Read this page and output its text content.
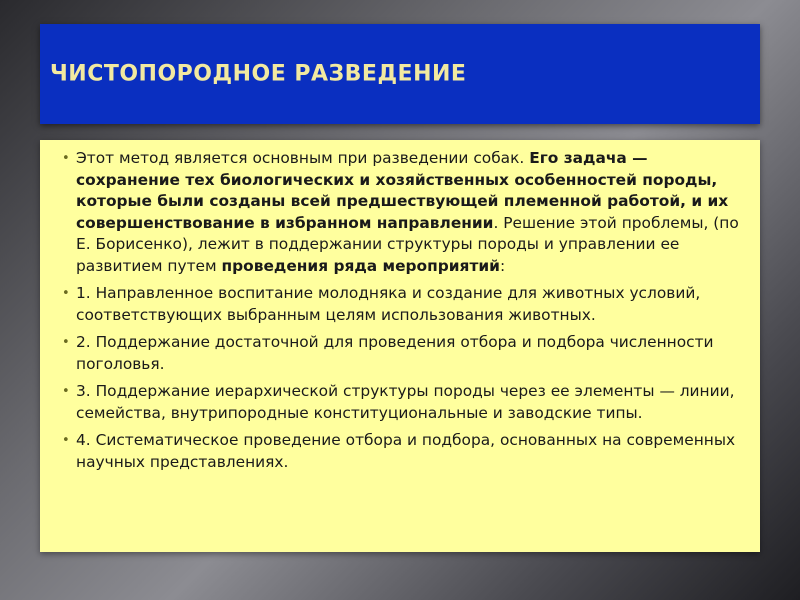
ЧИСТОПОРОДНОЕ РАЗВЕДЕНИЕ

• Этот метод является основным при разведении собак. Его задача — сохранение тех биологических и хозяйственных особенностей породы, которые были созданы всей предшествующей племенной работой, и их совершенствование в избранном направлении. Решение этой проблемы, (по Е. Борисенко), лежит в поддержании структуры породы и управлении ее развитием путем проведения ряда мероприятий:

• 1. Направленное воспитание молодняка и создание для животных условий, соответствующих выбранным целям использования животных.

• 2. Поддержание достаточной для проведения отбора и подбора численности поголовья.

• 3. Поддержание иерархической структуры породы через ее элементы — линии, семейства, внутрипородные конституциональные и заводские типы.

• 4. Систематическое проведение отбора и подбора, основанных на современных научных представлениях.
